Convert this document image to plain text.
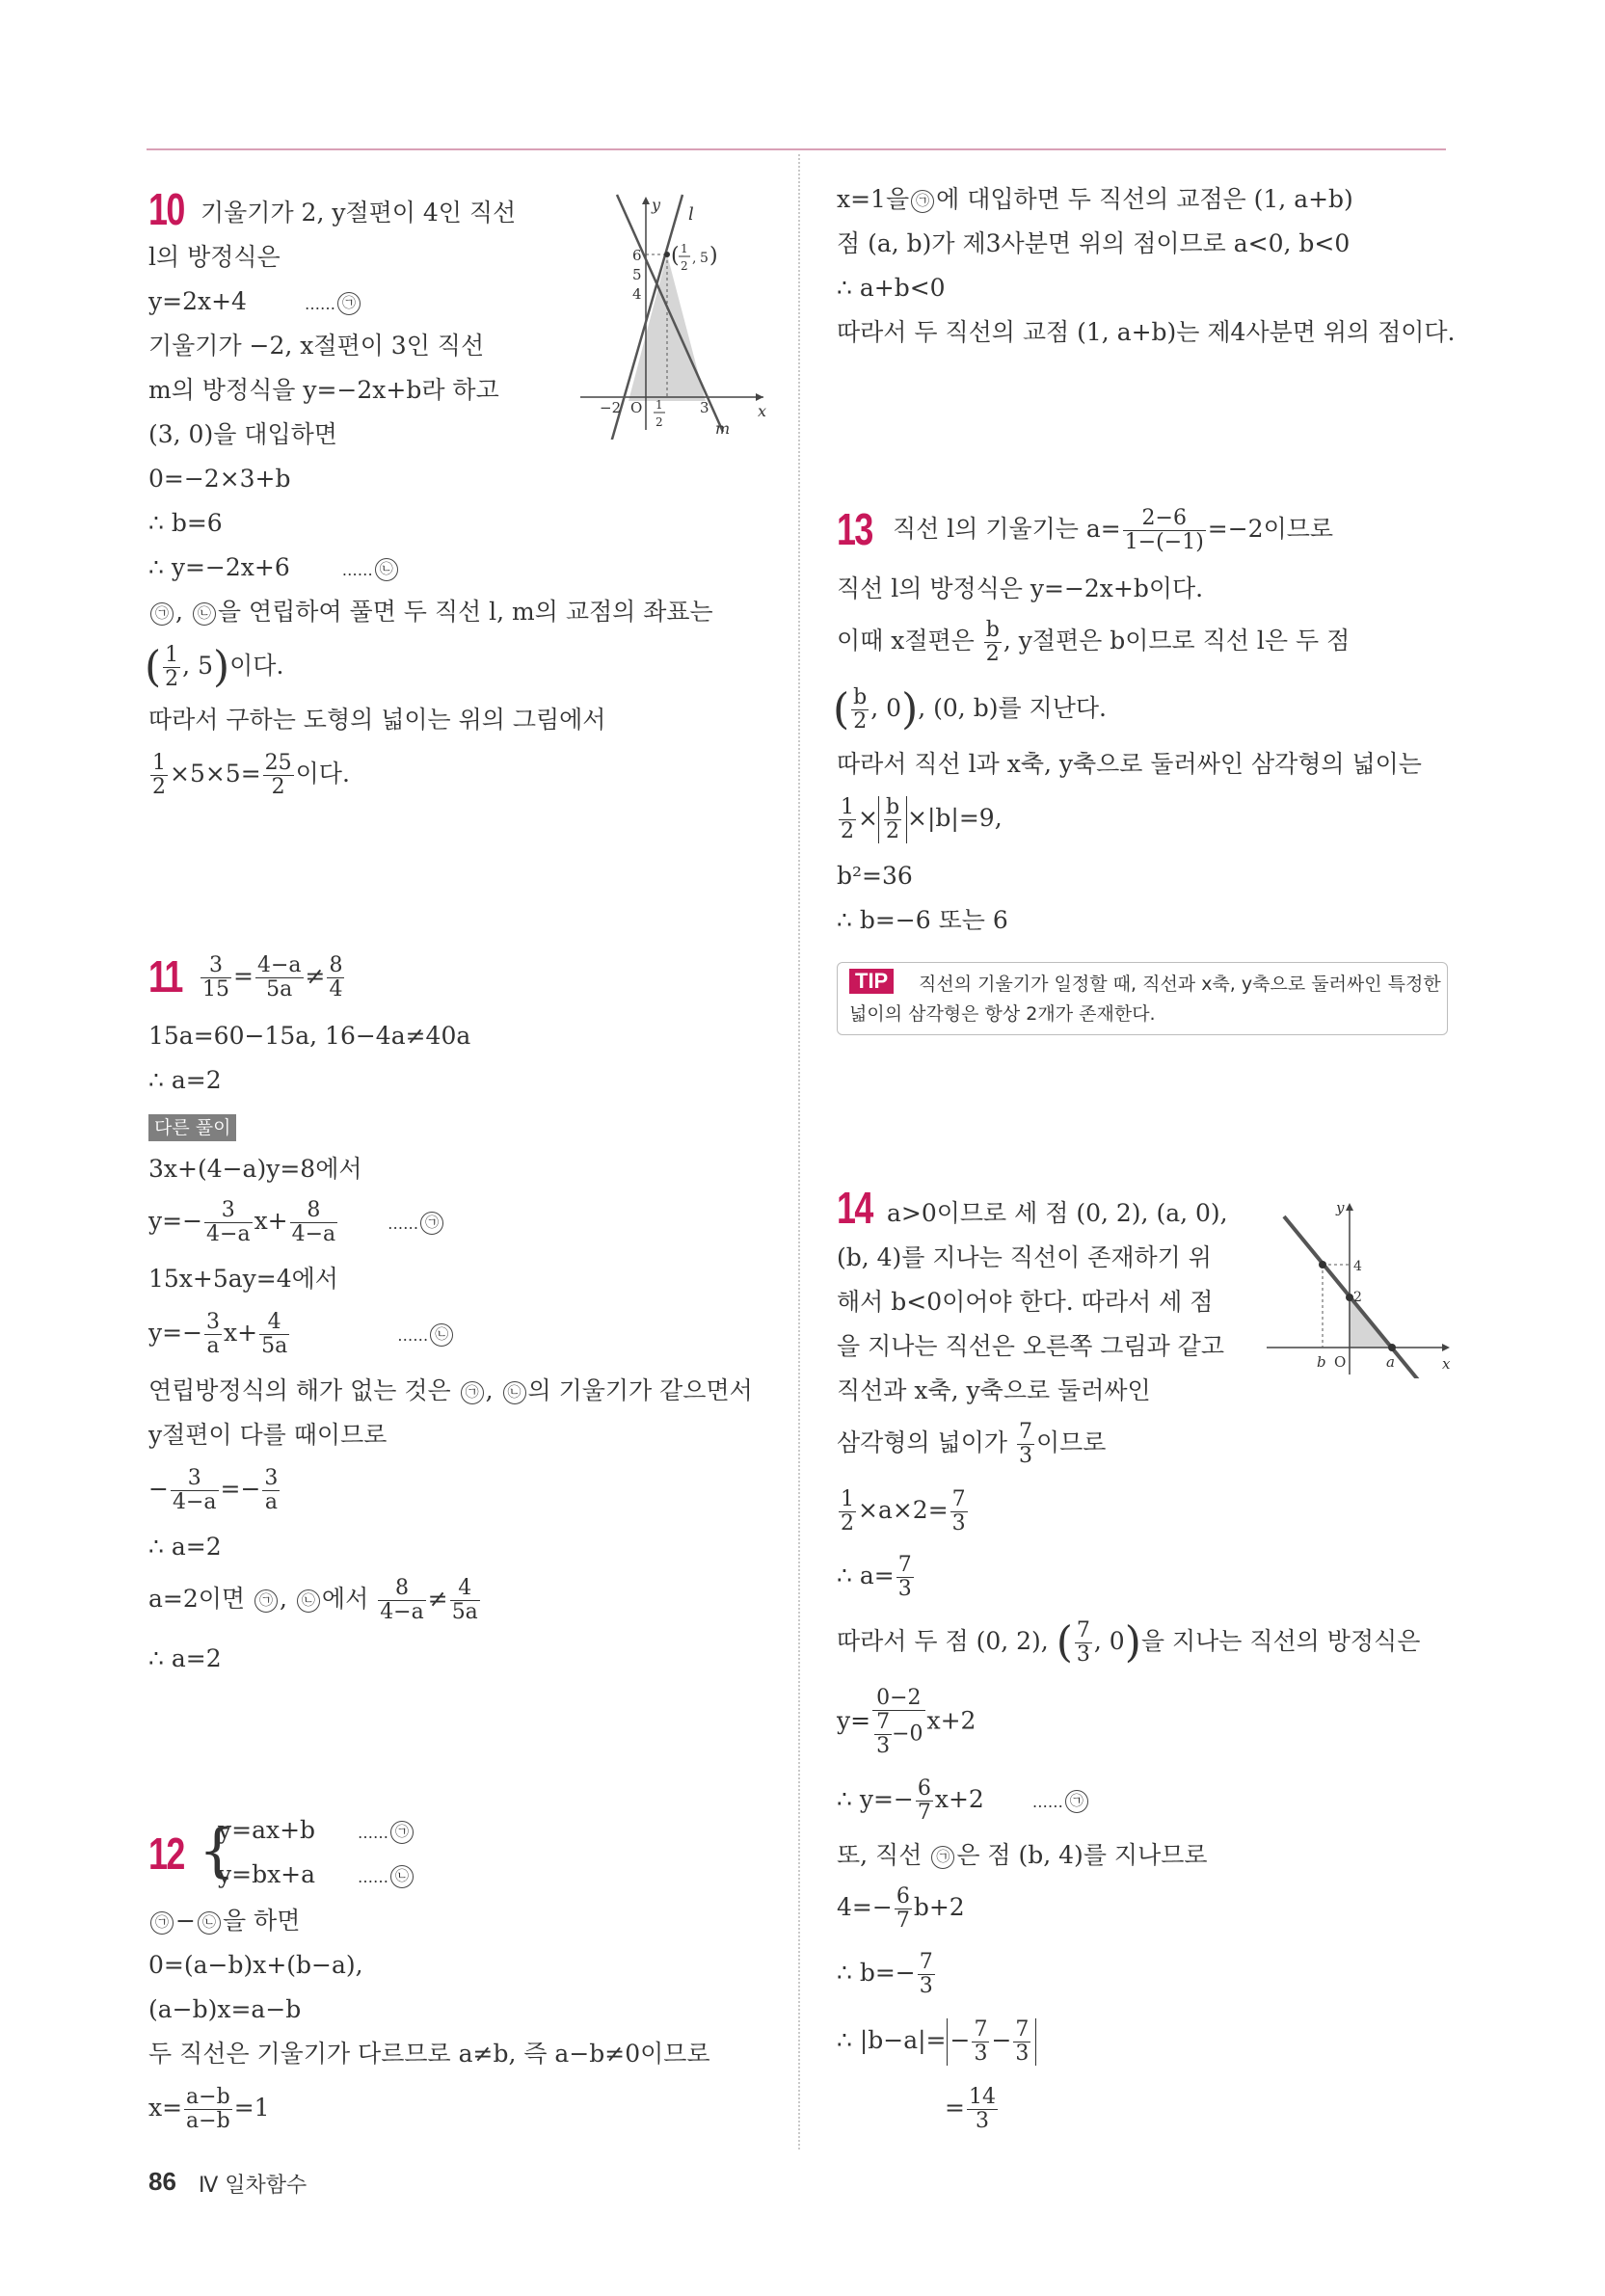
10 기울기가 2, y절편이 4인 직선
l의 방정식은
y=2x+4	…… ㉠
기울기가 −2, x절편이 3인 직선
m의 방정식을 y=−2x+b라 하고
(3, 0)을 대입하면
0=−2×3+b
∴ b=6
∴ y=−2x+6	…… ㉡
㉠ , ㉡ 을 연립하여 풀면 두 직선 l, m의 교점의 좌표는
( $\frac{1}{2}$ , 5)이다.
따라서 구하는 도형의 넓이는 위의 그림에서
$\frac{1}{2} \times 5\times 5= \frac{25}{2}$ 이다.
y l
x
m
6
5
4
−2 O 1
2
3
( 1
2 , 5 )
$11 \frac{3}{15} = \frac{4-a}{5a} \ne \frac{8}{4}$
15a=60−15a, 16−4a≠40a
∴ a=2
다른 풀이
3x+(4−a)y=8에서
$y=- \frac{3}{4-a} x+ \frac{8}{4-a}$	…… ㉠
15x+5ay=4에서
$y=- \frac{3}{a} x+ \frac{4}{5a}$	…… ㉡
연립방정식의 해가 없는 것은 ㉠ , ㉡ 의 기울기가 같으면서
y절편이 다를 때이므로
− $\frac{3}{4-a} =- \frac{3}{a}$
∴ a=2
a=2이면 ㉠ , ㉡ 에서 $\frac{8}{4-a} \ne \frac{4}{5a}$
∴ a=2
12 {
y=ax+b	…… ㉠
y=bx+a	…… ㉡
㉠ − ㉡ 을 하면
0=(a−b)x+(b−a),
(a−b)x=a−b
두 직선은 기울기가 다르므로 a≠b, 즉 a−b≠0이므로
$x= \frac{a-b}{a-b} =1$
x=1을 ㉠ 에 대입하면 두 직선의 교점은 (1, a+b)
점 (a, b)가 제3사분면 위의 점이므로 a<0, b<0
∴ a+b<0
따라서 두 직선의 교점 (1, a+b)는 제4사분면 위의 점이다.
13 직선 l의 기울기는 $a= \frac{2-6}{1-(-1)} =-2$이므로
직선 l의 방정식은 y=−2x+b이다.
이때 x절편은 $\frac{b}{2}$ , y절편은 b이므로 직선 l은 두 점
( $\frac{b}{2}$ , 0), (0, b)를 지난다.
따라서 직선 l과 x축, y축으로 둘러싸인 삼각형의 넓이는
$\frac{1}{2} \times \frac{b}{2} \times|b|=9$,
b²=36
∴ b=−6 또는 6
TIP	직선의 기울기가 일정할 때, 직선과 x축, y축으로 둘러싸인 특정한
넓이의 삼각형은 항상 2개가 존재한다.
14 a>0이므로 세 점 (0, 2), (a, 0),
(b, 4)를 지나는 직선이 존재하기 위
해서 b<0이어야 한다. 따라서 세 점
을 지나는 직선은 오른쪽 그림과 같고
직선과 x축, y축으로 둘러싸인
삼각형의 넓이가 $\frac{7}{3}$ 이므로
$\frac{1}{2} \times a\times 2= \frac{7}{3}$
∴ $a= \frac{7}{3}$
따라서 두 점 (0, 2), ( $\frac{7}{3}$ , 0)을 지나는 직선의 방정식은
$y= \frac{0-2}{\frac{7}{3} -0} x+2$
∴ $y=- \frac{6}{7} x+2$	…… ㉠
또, 직선 ㉠ 은 점 (b, 4)를 지나므로
$4=- \frac{6}{7} b+2$
∴ $b=- \frac{7}{3}$
∴ $|b-a|= - \frac{7}{3} - \frac{7}{3}$
= $\frac{14}{3}$
y
x
4
2
b O	a
86 Ⅳ 일차함수
